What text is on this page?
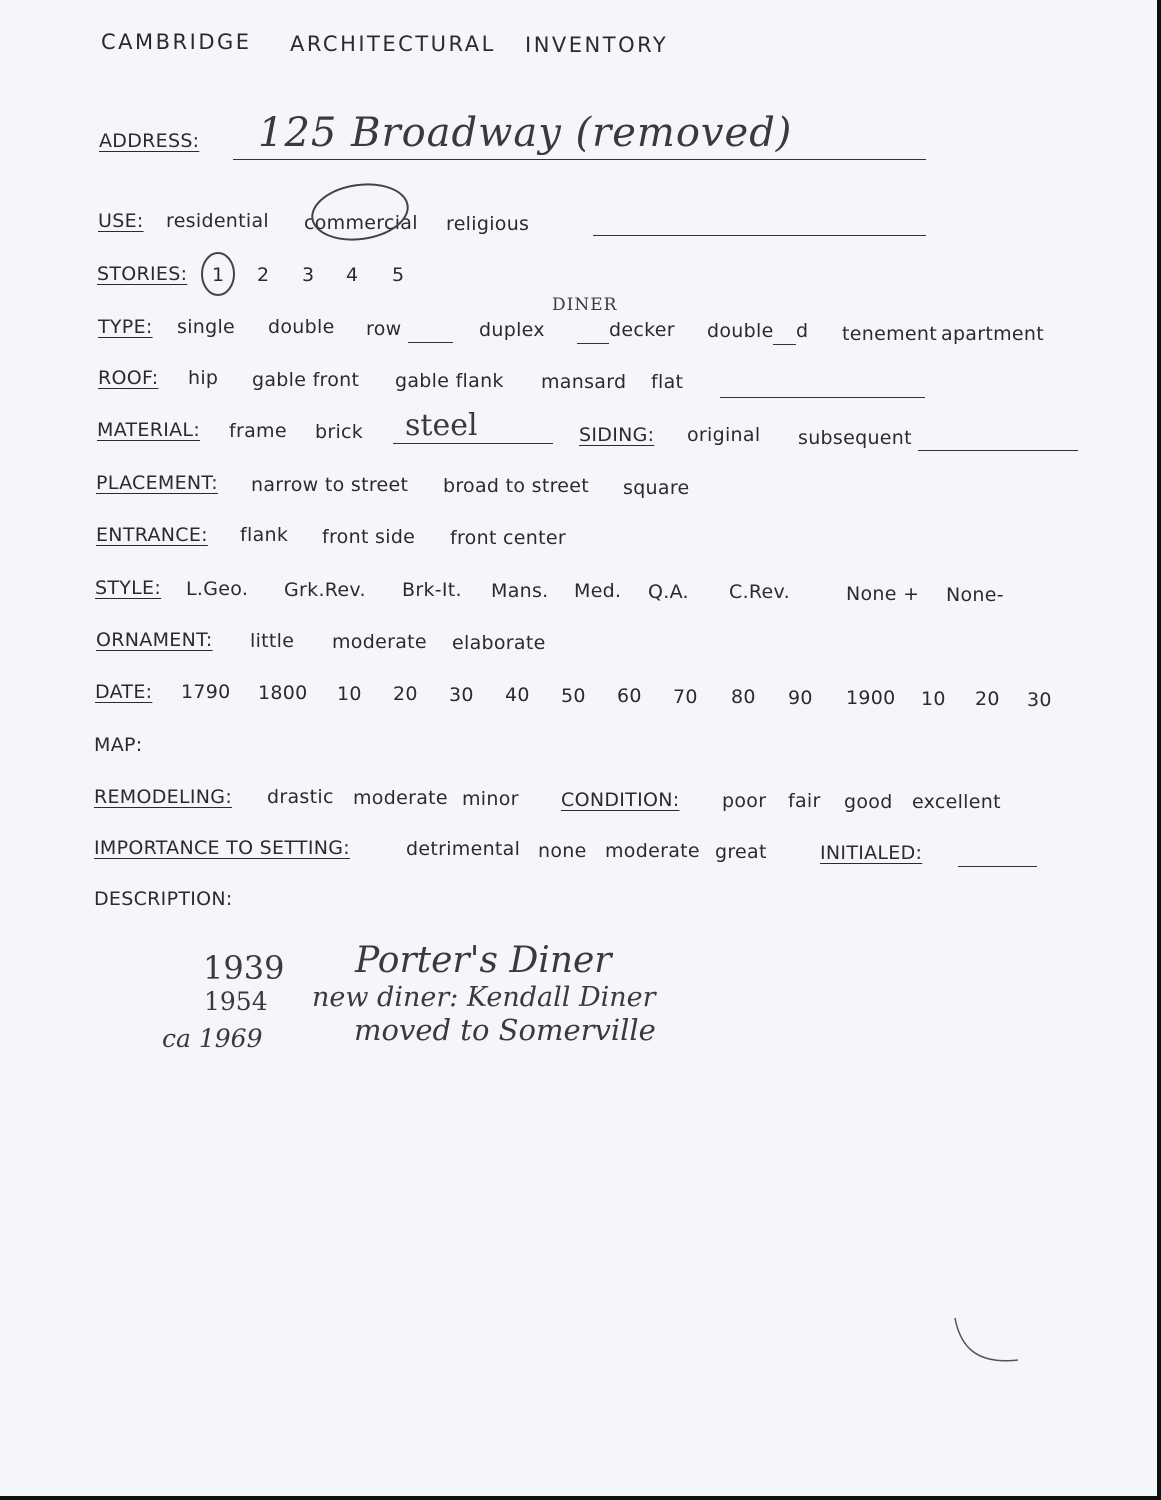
CAMBRIDGE ARCHITECTURAL INVENTORY
ADDRESS: 125 Broadway (removed)
USE: residential commercial religious
STORIES: 1 2 3 4 5
TYPE: single double row	duplex	decker
DINER
double d tenement apartment
ROOF: hip gable front gable flank mansard flat
MATERIAL: frame brick steel	SIDING: original subsequent
PLACEMENT: narrow to street broad to street square
ENTRANCE: flank front side front center
STYLE: L.Geo. Grk.Rev. Brk-It. Mans. Med. Q.A. C.Rev.	None + None-
ORNAMENT: little moderate elaborate
DATE: 1790 1800 10 20 30 40 50 60 70 80 90 1900 10 20 30
MAP:
REMODELING: drastic moderate minor CONDITION: poor fair good excellent
IMPORTANCE TO SETTING:	detrimental none moderate great	INITIALED:
DESCRIPTION:
1939 Porter's Diner
1954 new diner: Kendall Diner
ca 1969	moved to Somerville
